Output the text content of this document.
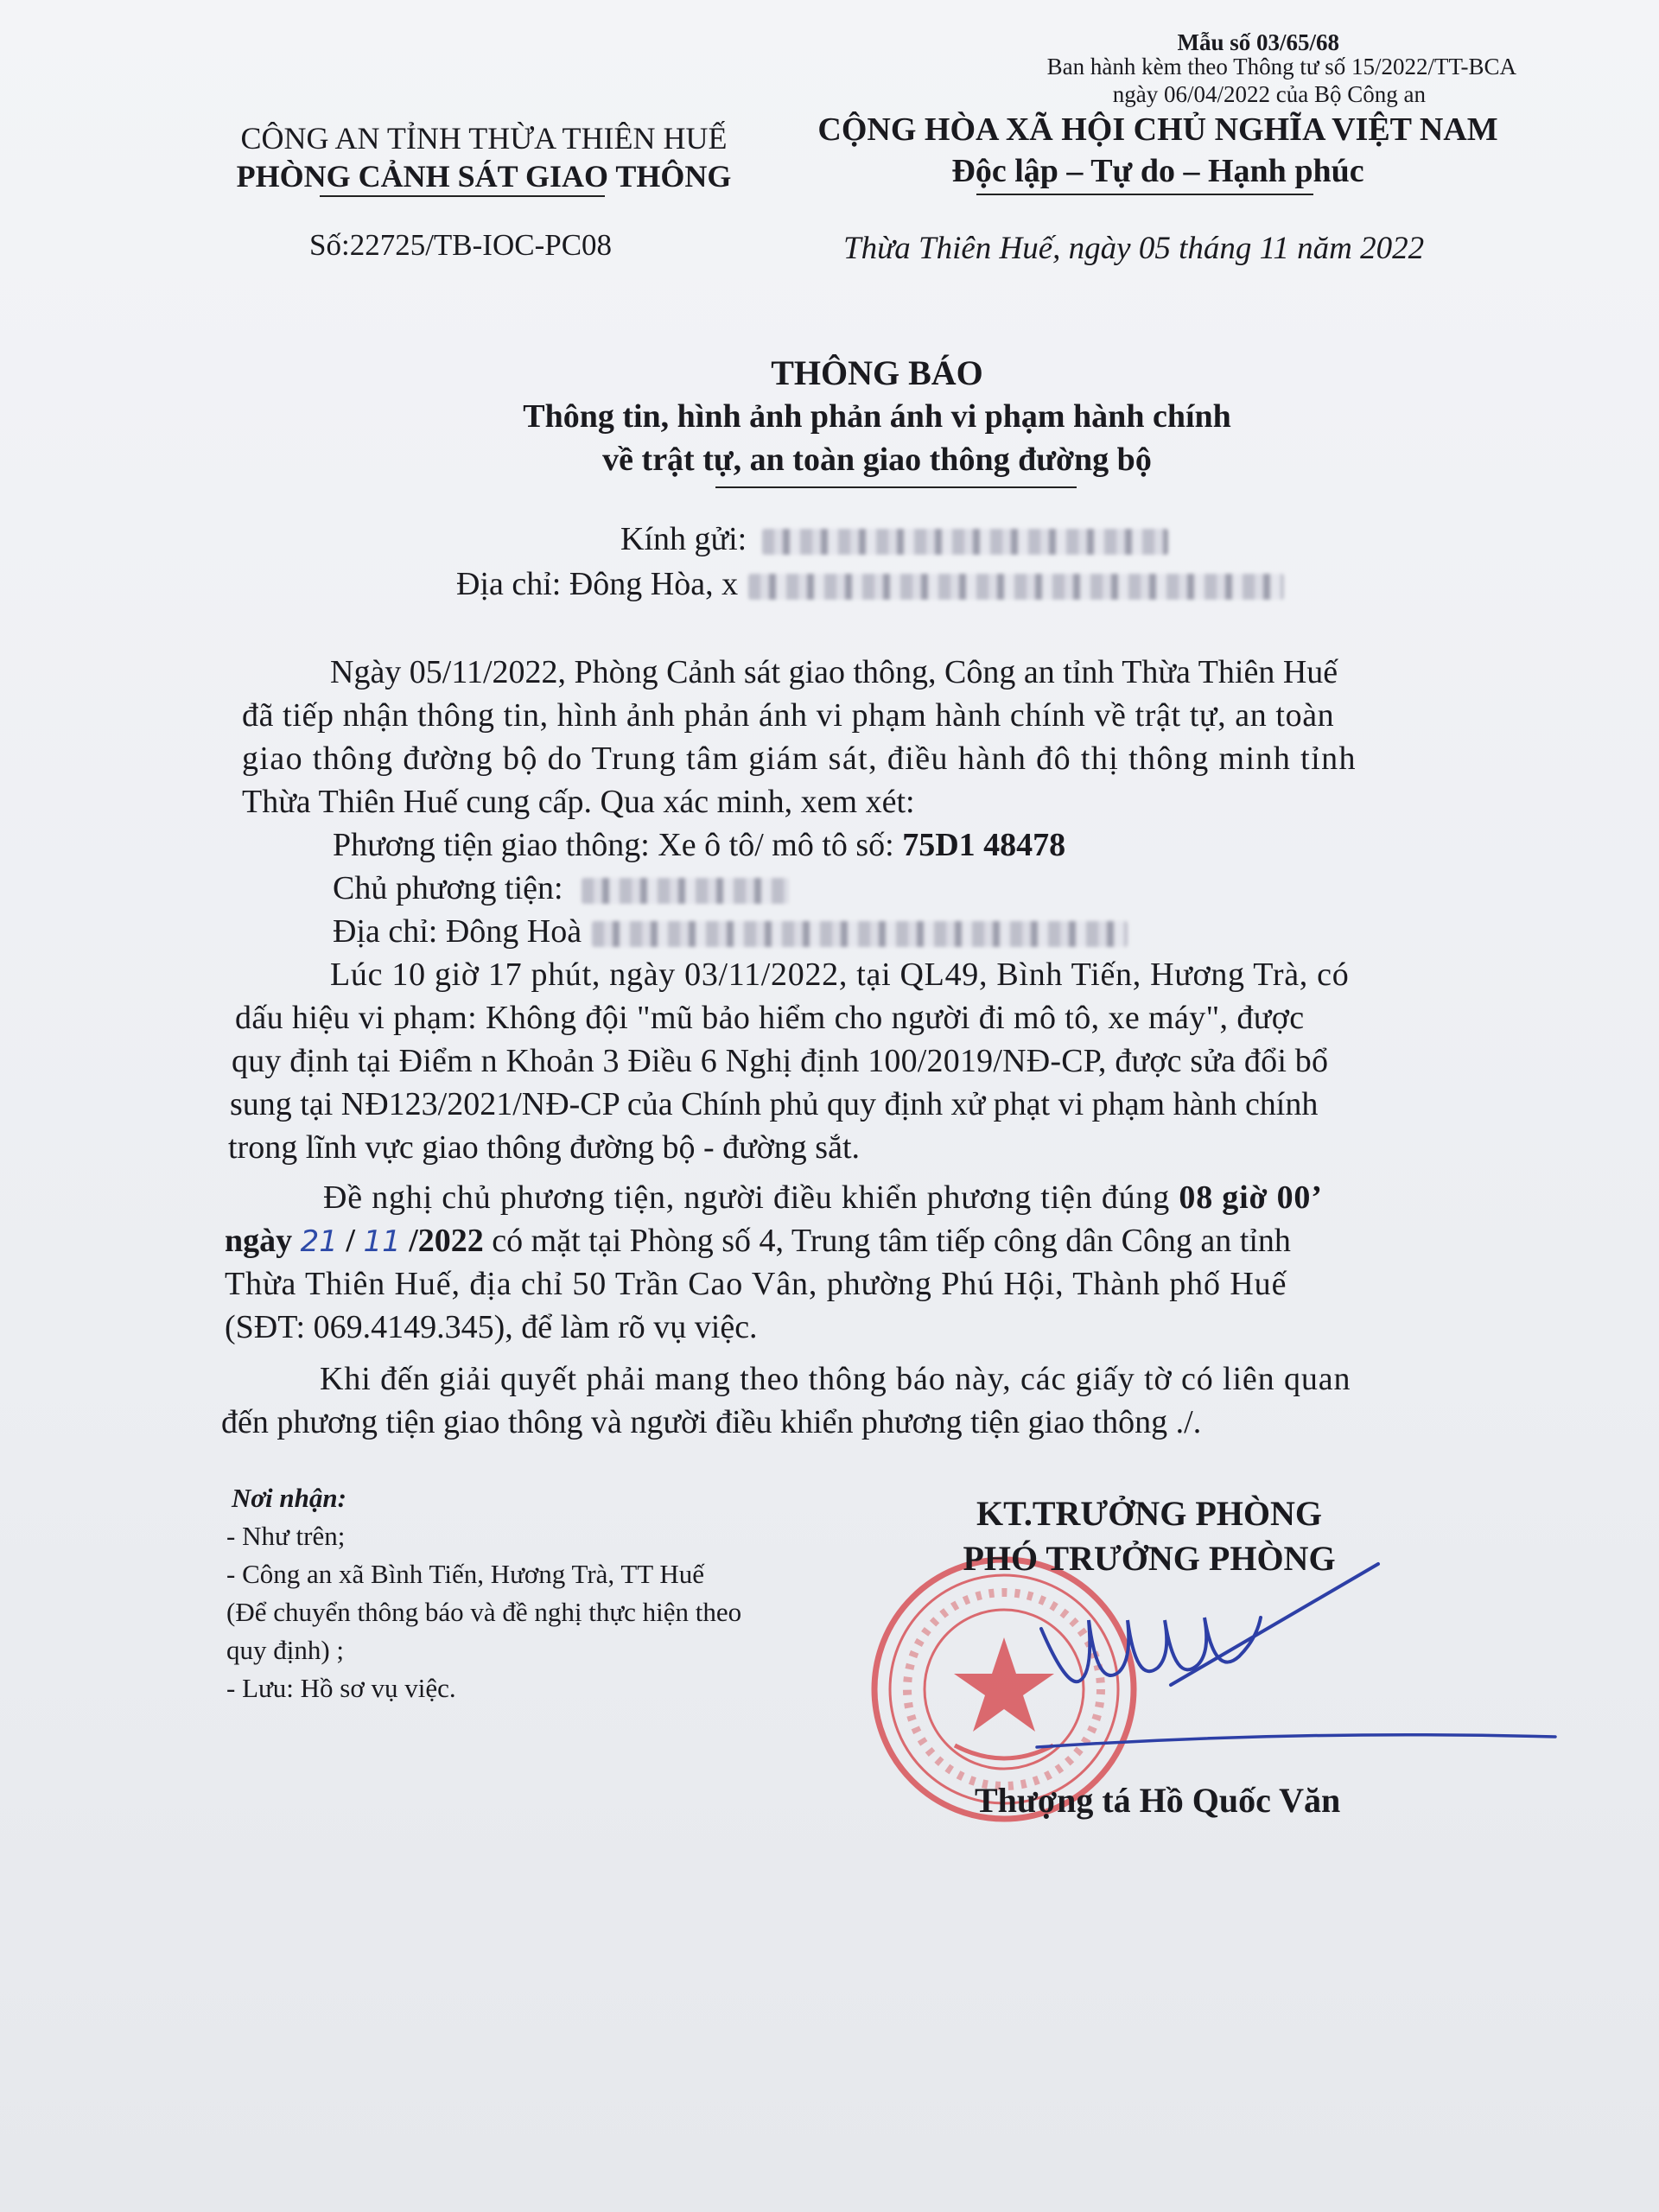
Mẫu số 03/65/68
Ban hành kèm theo Thông tư số 15/2022/TT-BCA
ngày 06/04/2022 của Bộ Công an
CÔNG AN TỈNH THỪA THIÊN HUẾ
PHÒNG CẢNH SÁT GIAO THÔNG
CỘNG HÒA XÃ HỘI CHỦ NGHĨA VIỆT NAM
Độc lập – Tự do – Hạnh phúc
Số:22725/TB-IOC-PC08	Thừa Thiên Huế, ngày 05 tháng 11 năm 2022
THÔNG BÁO
Thông tin, hình ảnh phản ánh vi phạm hành chính
về trật tự, an toàn giao thông đường bộ
Kính gửi:
Địa chỉ: Đông Hòa, x
Ngày 05/11/2022, Phòng Cảnh sát giao thông, Công an tỉnh Thừa Thiên Huế
đã tiếp nhận thông tin, hình ảnh phản ánh vi phạm hành chính về trật tự, an toàn
giao thông đường bộ do Trung tâm giám sát, điều hành đô thị thông minh tỉnh
Thừa Thiên Huế cung cấp. Qua xác minh, xem xét:
Phương tiện giao thông: Xe ô tô/ mô tô số: 75D1 48478
Chủ phương tiện:
Địa chỉ: Đông Hoà
Lúc 10 giờ 17 phút, ngày 03/11/2022, tại QL49, Bình Tiến, Hương Trà, có
dấu hiệu vi phạm: Không đội "mũ bảo hiểm cho người đi mô tô, xe máy", được
quy định tại Điểm n Khoản 3 Điều 6 Nghị định 100/2019/NĐ-CP, được sửa đổi bổ
sung tại NĐ123/2021/NĐ-CP của Chính phủ quy định xử phạt vi phạm hành chính
trong lĩnh vực giao thông đường bộ - đường sắt.
Đề nghị chủ phương tiện, người điều khiển phương tiện đúng 08 giờ 00’
ngày 21 / 11 /2022 có mặt tại Phòng số 4, Trung tâm tiếp công dân Công an tỉnh
Thừa Thiên Huế, địa chỉ 50 Trần Cao Vân, phường Phú Hội, Thành phố Huế
(SĐT: 069.4149.345), để làm rõ vụ việc.
Khi đến giải quyết phải mang theo thông báo này, các giấy tờ có liên quan
đến phương tiện giao thông và người điều khiển phương tiện giao thông ./.
Nơi nhận:
- Như trên;
- Công an xã Bình Tiến, Hương Trà, TT Huế
(Để chuyển thông báo và đề nghị thực hiện theo
quy định) ;
- Lưu: Hồ sơ vụ việc.
KT.TRƯỞNG PHÒNG
PHÓ TRƯỞNG PHÒNG
Thượng tá Hồ Quốc Văn
